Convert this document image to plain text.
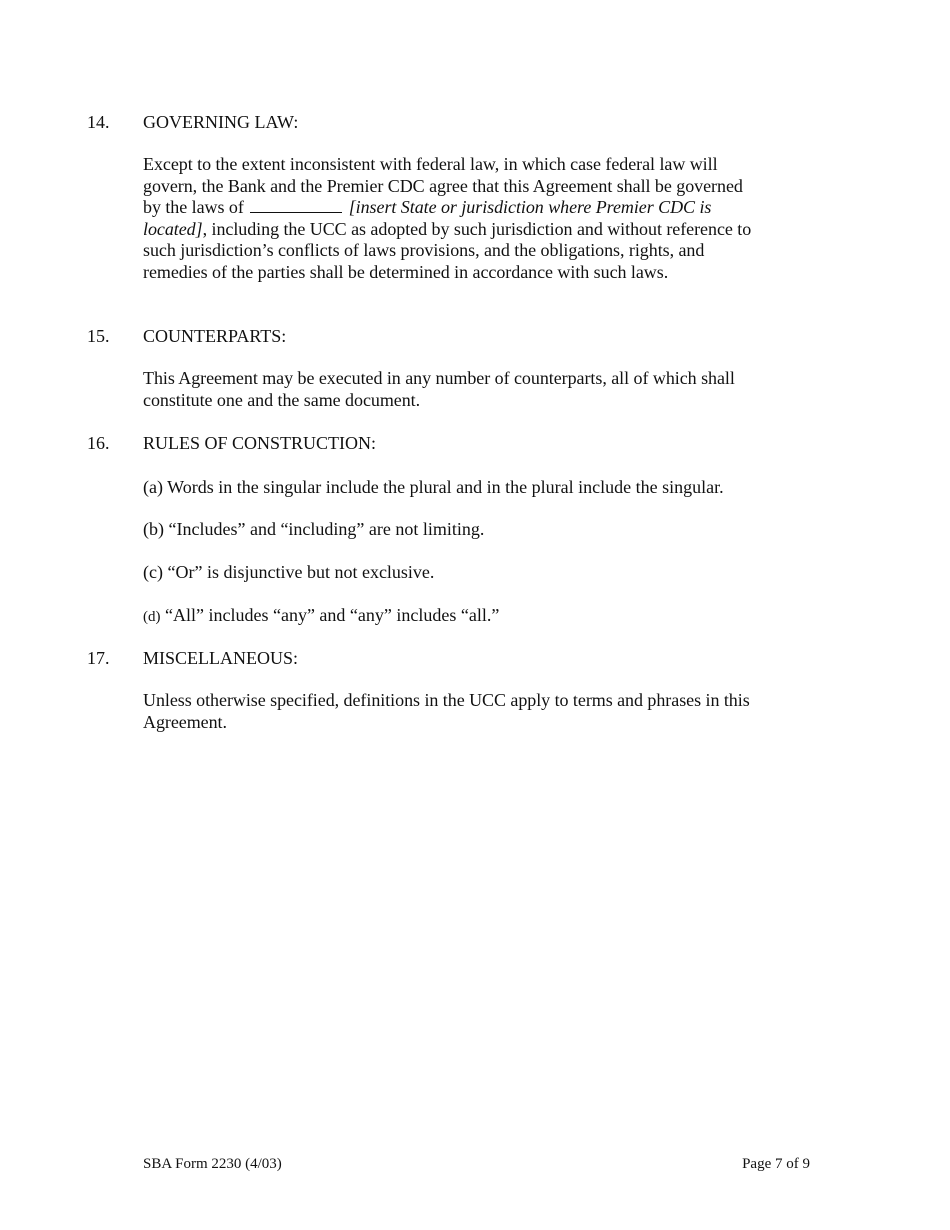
14. GOVERNING LAW:
Except to the extent inconsistent with federal law, in which case federal law will govern, the Bank and the Premier CDC agree that this Agreement shall be governed by the laws of	[insert State or jurisdiction where Premier CDC is located], including the UCC as adopted by such jurisdiction and without reference to such jurisdiction’s conflicts of laws provisions, and the obligations, rights, and remedies of the parties shall be determined in accordance with such laws.
15. COUNTERPARTS:
This Agreement may be executed in any number of counterparts, all of which shall constitute one and the same document.
16. RULES OF CONSTRUCTION:
(a) Words in the singular include the plural and in the plural include the singular.
(b) “Includes” and “including” are not limiting.
(c) “Or” is disjunctive but not exclusive.
(d) “All” includes “any” and “any” includes “all.”
17. MISCELLANEOUS:
Unless otherwise specified, definitions in the UCC apply to terms and phrases in this Agreement.
SBA Form 2230 (4/03)	Page 7 of 9
